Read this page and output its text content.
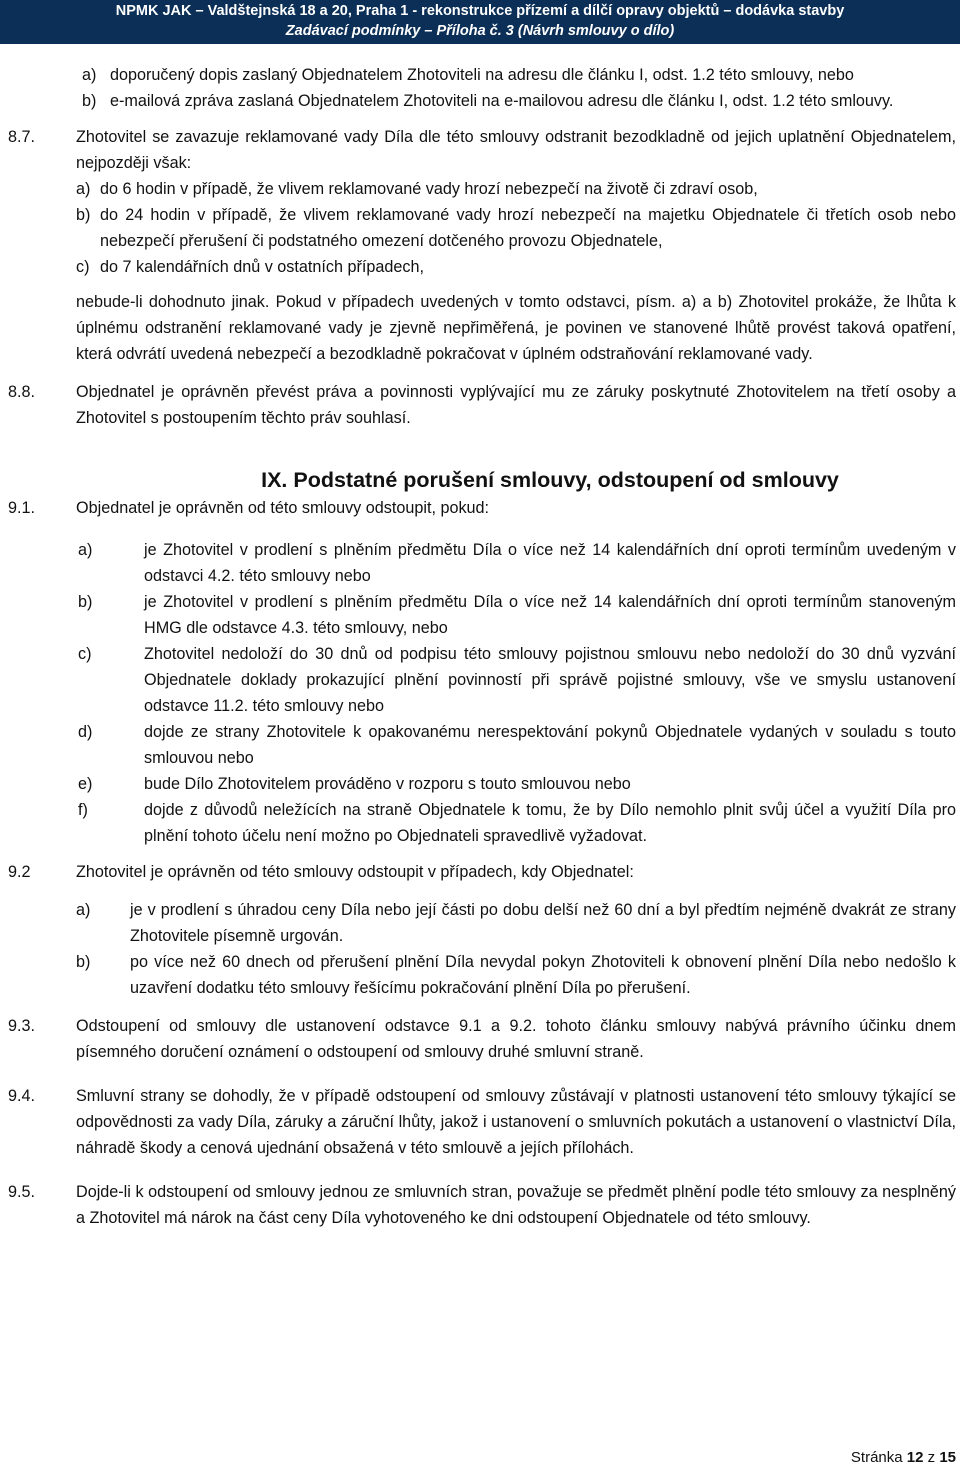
NPMK JAK – Valdštejnská 18 a 20, Praha 1 - rekonstrukce přízemí a dílčí opravy objektů – dodávka stavby
Zadávací podmínky – Příloha č. 3 (Návrh smlouvy o dílo)
a) doporučený dopis zaslaný Objednatelem Zhotoviteli na adresu dle článku I, odst. 1.2 této smlouvy, nebo
b) e-mailová zpráva zaslaná Objednatelem Zhotoviteli na e-mailovou adresu dle článku I, odst. 1.2 této smlouvy.
8.7.	Zhotovitel se zavazuje reklamované vady Díla dle této smlouvy odstranit bezodkladně od jejich uplatnění Objednatelem, nejpozději však:
a) do 6 hodin v případě, že vlivem reklamované vady hrozí nebezpečí na životě či zdraví osob,
b) do 24 hodin v případě, že vlivem reklamované vady hrozí nebezpečí na majetku Objednatele či třetích osob nebo nebezpečí přerušení či podstatného omezení dotčeného provozu Objednatele,
c) do 7 kalendářních dnů v ostatních případech,
nebude-li dohodnuto jinak. Pokud v případech uvedených v tomto odstavci, písm. a) a b) Zhotovitel prokáže, že lhůta k úplnému odstranění reklamované vady je zjevně nepřiměřená, je povinen ve stanovené lhůtě provést taková opatření, která odvrátí uvedená nebezpečí a bezodkladně pokračovat v úplném odstraňování reklamované vady.
8.8.	Objednatel je oprávněn převést práva a povinnosti vyplývající mu ze záruky poskytnuté Zhotovitelem na třetí osoby a Zhotovitel s postoupením těchto práv souhlasí.
IX. Podstatné porušení smlouvy, odstoupení od smlouvy
9.1.	Objednatel je oprávněn od této smlouvy odstoupit, pokud:
a)	je Zhotovitel v prodlení s plněním předmětu Díla o více než 14 kalendářních dní oproti termínům uvedeným v odstavci 4.2. této smlouvy nebo
b)	je Zhotovitel v prodlení s plněním předmětu Díla o více než 14 kalendářních dní oproti termínům stanoveným HMG dle odstavce 4.3. této smlouvy, nebo
c)	Zhotovitel nedoloží do 30 dnů od podpisu této smlouvy pojistnou smlouvu nebo nedoloží do 30 dnů vyzvání Objednatele doklady prokazující plnění povinností při správě pojistné smlouvy, vše ve smyslu ustanovení odstavce 11.2. této smlouvy nebo
d)	dojde ze strany Zhotovitele k opakovanému nerespektování pokynů Objednatele vydaných v souladu s touto smlouvou nebo
e)	bude Dílo Zhotovitelem prováděno v rozporu s touto smlouvou nebo
f)	dojde z důvodů neležících na straně Objednatele k tomu, že by Dílo nemohlo plnit svůj účel a využití Díla pro plnění tohoto účelu není možno po Objednateli spravedlivě vyžadovat.
9.2	Zhotovitel je oprávněn od této smlouvy odstoupit v případech, kdy Objednatel:
a) je v prodlení s úhradou ceny Díla nebo její části po dobu delší než 60 dní a byl předtím nejméně dvakrát ze strany Zhotovitele písemně urgován.
b) po více než 60 dnech od přerušení plnění Díla nevydal pokyn Zhotoviteli k obnovení plnění Díla nebo nedošlo k uzavření dodatku této smlouvy řešícímu pokračování plnění Díla po přerušení.
9.3.	Odstoupení od smlouvy dle ustanovení odstavce 9.1 a 9.2. tohoto článku smlouvy nabývá právního účinku dnem písemného doručení oznámení o odstoupení od smlouvy druhé smluvní straně.
9.4.	Smluvní strany se dohodly, že v případě odstoupení od smlouvy zůstávají v platnosti ustanovení této smlouvy týkající se odpovědnosti za vady Díla, záruky a záruční lhůty, jakož i ustanovení o smluvních pokutách a ustanovení o vlastnictví Díla, náhradě škody a cenová ujednání obsažená v této smlouvě a jejích přílohách.
9.5.	Dojde-li k odstoupení od smlouvy jednou ze smluvních stran, považuje se předmět plnění podle této smlouvy za nesplněný a Zhotovitel má nárok na část ceny Díla vyhotoveného ke dni odstoupení Objednatele od této smlouvy.
Stránka 12 z 15
